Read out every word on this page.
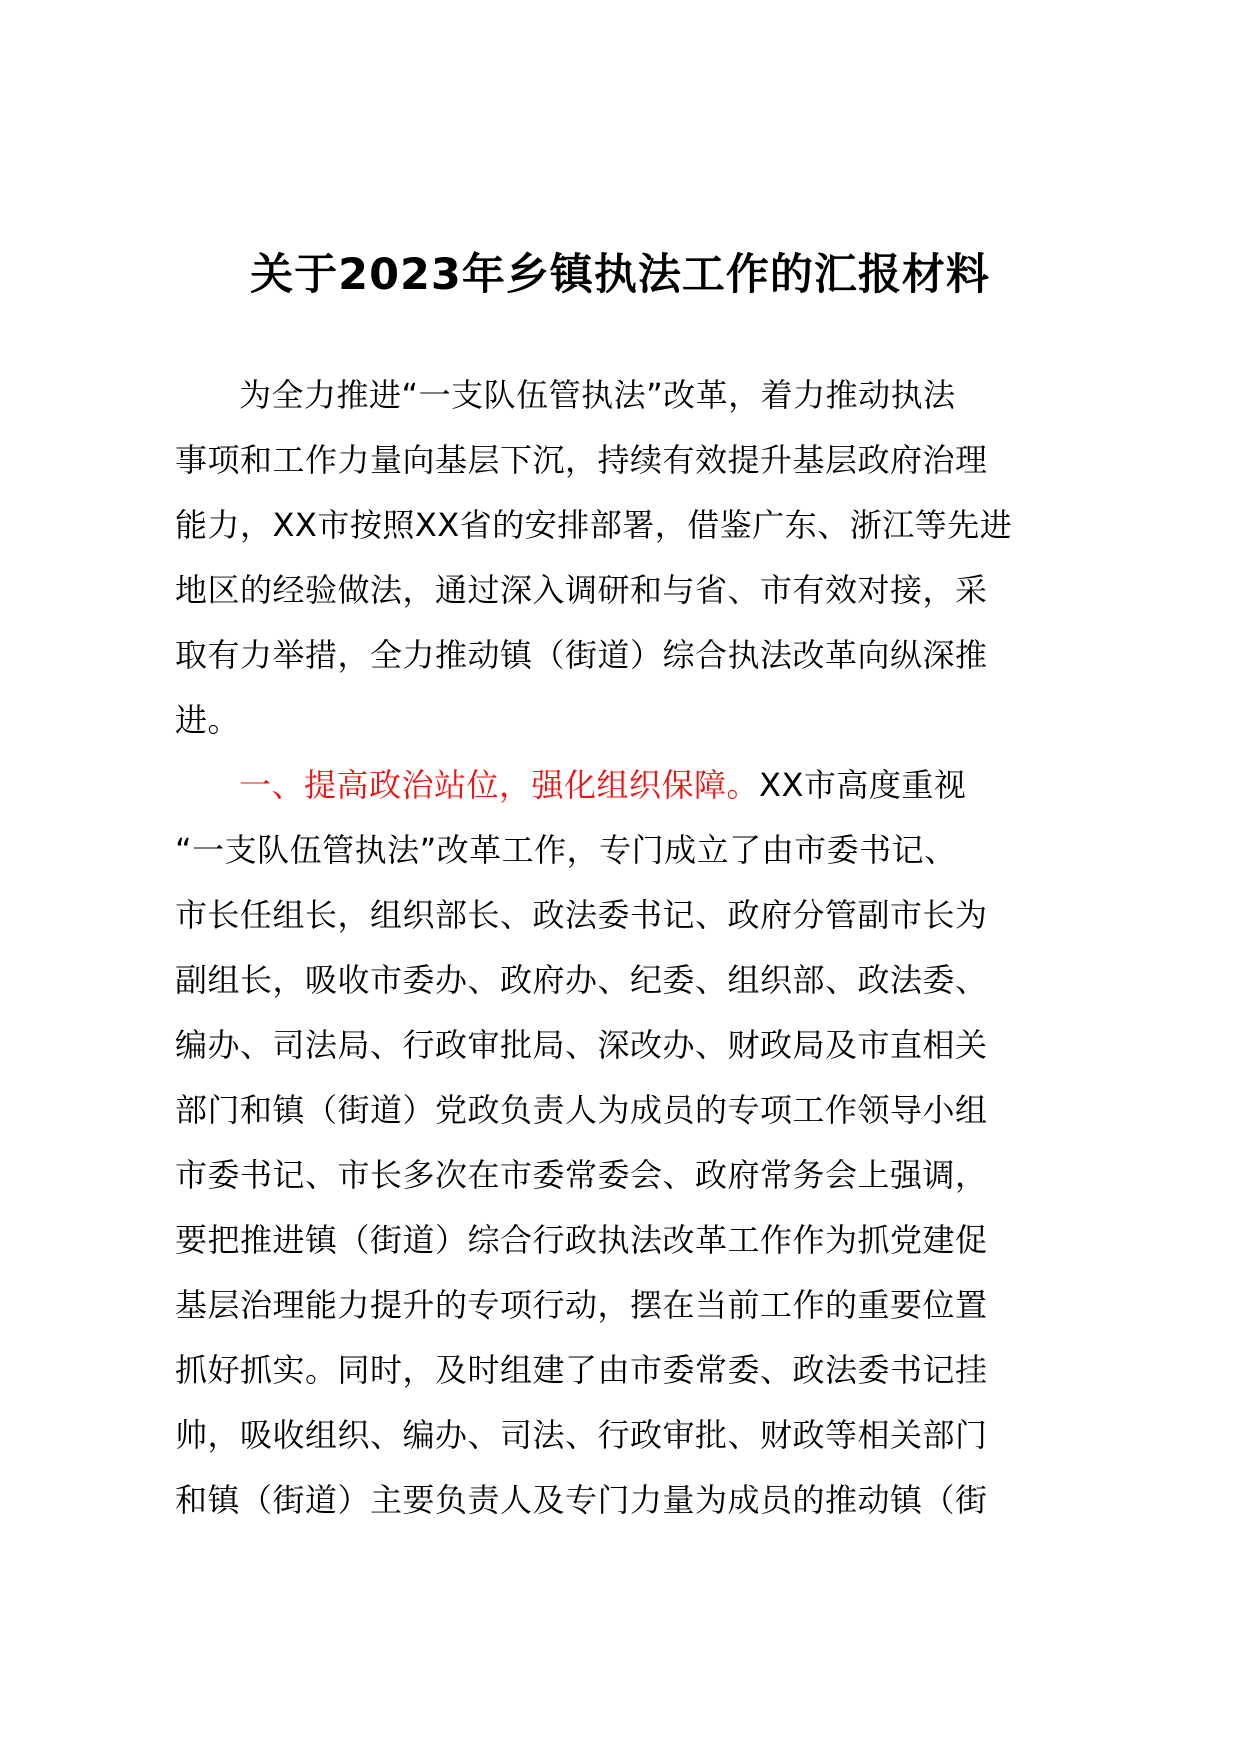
关于2023年乡镇执法工作的汇报材料
为全力推进“一支队伍管执法”改革，着力推动执法
事项和工作力量向基层下沉，持续有效提升基层政府治理
能力，XX市按照XX省的安排部署，借鉴广东、浙江等先进
地区的经验做法，通过深入调研和与省、市有效对接，采
取有力举措，全力推动镇（街道）综合执法改革向纵深推
进。
一、提高政治站位，强化组织保障。XX市高度重视
“一支队伍管执法”改革工作，专门成立了由市委书记、
市长任组长，组织部长、政法委书记、政府分管副市长为
副组长，吸收市委办、政府办、纪委、组织部、政法委、
编办、司法局、行政审批局、深改办、财政局及市直相关
部门和镇（街道）党政负责人为成员的专项工作领导小组
市委书记、市长多次在市委常委会、政府常务会上强调，
要把推进镇（街道）综合行政执法改革工作作为抓党建促
基层治理能力提升的专项行动，摆在当前工作的重要位置
抓好抓实。同时，及时组建了由市委常委、政法委书记挂
帅，吸收组织、编办、司法、行政审批、财政等相关部门
和镇（街道）主要负责人及专门力量为成员的推动镇（街
